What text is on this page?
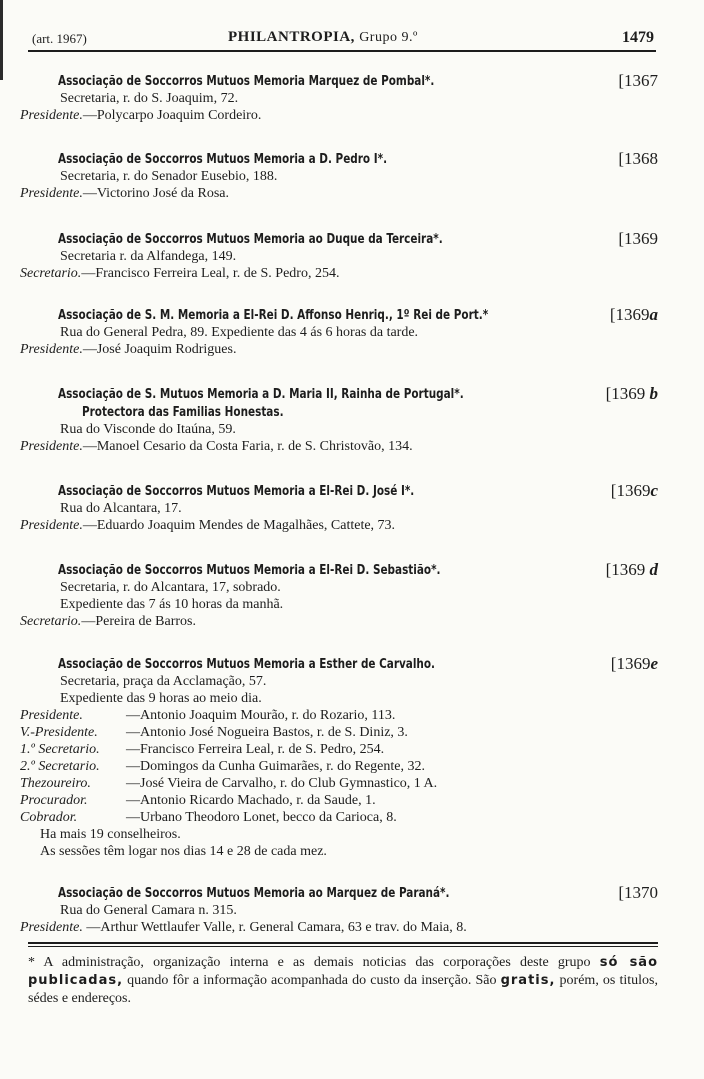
(art. 1967)	PHILANTROPIA, Grupo 9.º	1479
Associação de Soccorros Mutuos Memoria Marquez de Pombal*.	[1367
Secretaria, r. do S. Joaquim, 72.
Presidente.—Polycarpo Joaquim Cordeiro.
Associação de Soccorros Mutuos Memoria a D. Pedro I*.	[1368
Secretaria, r. do Senador Eusebio, 188.
Presidente.—Victorino José da Rosa.
Associação de Soccorros Mutuos Memoria ao Duque da Terceira*.	[1369
Secretaria r. da Alfandega, 149.
Secretario.—Francisco Ferreira Leal, r. de S. Pedro, 254.
Associação de S. M. Memoria a El-Rei D. Affonso Henriq., 1º Rei de Port.*	[1369a
Rua do General Pedra, 89. Expediente das 4 ás 6 horas da tarde.
Presidente.—José Joaquim Rodrigues.
Associação de S. Mutuos Memoria a D. Maria II, Rainha de Portugal*.
Protectora das Familias Honestas.
[1369 b
Rua do Visconde do Itaúna, 59.
Presidente.—Manoel Cesario da Costa Faria, r. de S. Christovão, 134.
Associação de Soccorros Mutuos Memoria a El-Rei D. José I*.	[1369c
Rua do Alcantara, 17.
Presidente.—Eduardo Joaquim Mendes de Magalhães, Cattete, 73.
Associação de Soccorros Mutuos Memoria a El-Rei D. Sebastião*.	[1369 d
Secretaria, r. do Alcantara, 17, sobrado.
Expediente das 7 ás 10 horas da manhã.
Secretario.—Pereira de Barros.
Associação de Soccorros Mutuos Memoria a Esther de Carvalho.	[1369e
Secretaria, praça da Acclamação, 57.
Expediente das 9 horas ao meio dia.
Presidente.	—Antonio Joaquim Mourão, r. do Rozario, 113.
V.-Presidente. —Antonio José Nogueira Bastos, r. de S. Diniz, 3.
1.º Secretario. —Francisco Ferreira Leal, r. de S. Pedro, 254.
2.º Secretario. —Domingos da Cunha Guimarães, r. do Regente, 32.
Thezoureiro.	—José Vieira de Carvalho, r. do Club Gymnastico, 1 A.
Procurador.	—Antonio Ricardo Machado, r. da Saude, 1.
Cobrador.	—Urbano Theodoro Lonet, becco da Carioca, 8.
Ha mais 19 conselheiros.
As sessões têm logar nos dias 14 e 28 de cada mez.
Associação de Soccorros Mutuos Memoria ao Marquez de Paraná*.	[1370
Rua do General Camara n. 315.
Presidente. —Arthur Wettlaufer Valle, r. General Camara, 63 e trav. do Maia, 8.
* A administração, organização interna e as demais noticias das corporações deste grupo só são publicadas, quando fôr a informação acompanhada do custo da inserção. São gratis, porém, os titulos, sédes e endereços.
